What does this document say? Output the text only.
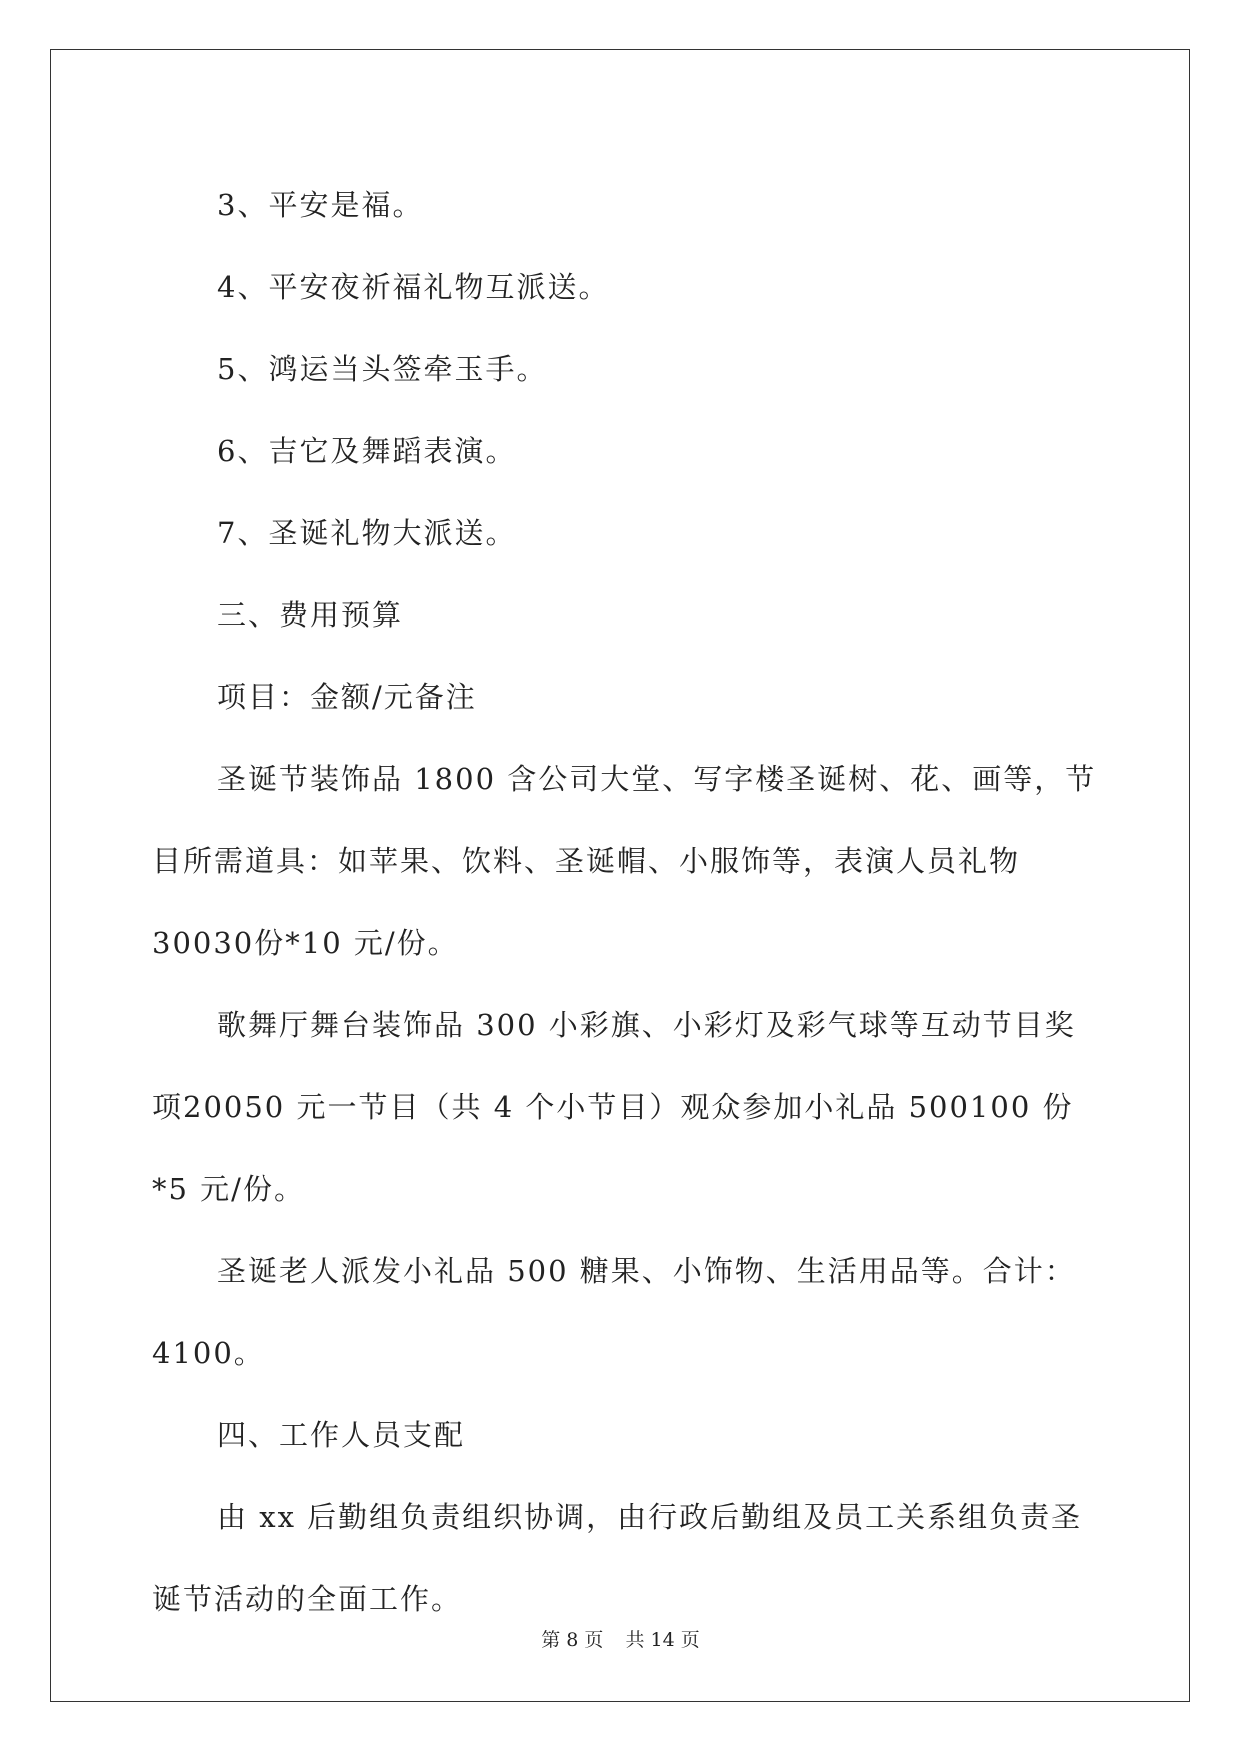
3、平安是福。

4、平安夜祈福礼物互派送。

5、鸿运当头签牵玉手。

6、吉它及舞蹈表演。

7、圣诞礼物大派送。

三、费用预算

项目：金额/元备注

圣诞节装饰品 1800 含公司大堂、写字楼圣诞树、花、画等，节目所需道具：如苹果、饮料、圣诞帽、小服饰等，表演人员礼物 30030份*10 元/份。

歌舞厅舞台装饰品 300 小彩旗、小彩灯及彩气球等互动节目奖项20050 元一节目（共 4 个小节目）观众参加小礼品 500100 份*5 元/份。

圣诞老人派发小礼品 500 糖果、小饰物、生活用品等。合计：4100。

四、工作人员支配

由 xx 后勤组负责组织协调，由行政后勤组及员工关系组负责圣诞节活动的全面工作。

第 8 页 共 14 页
